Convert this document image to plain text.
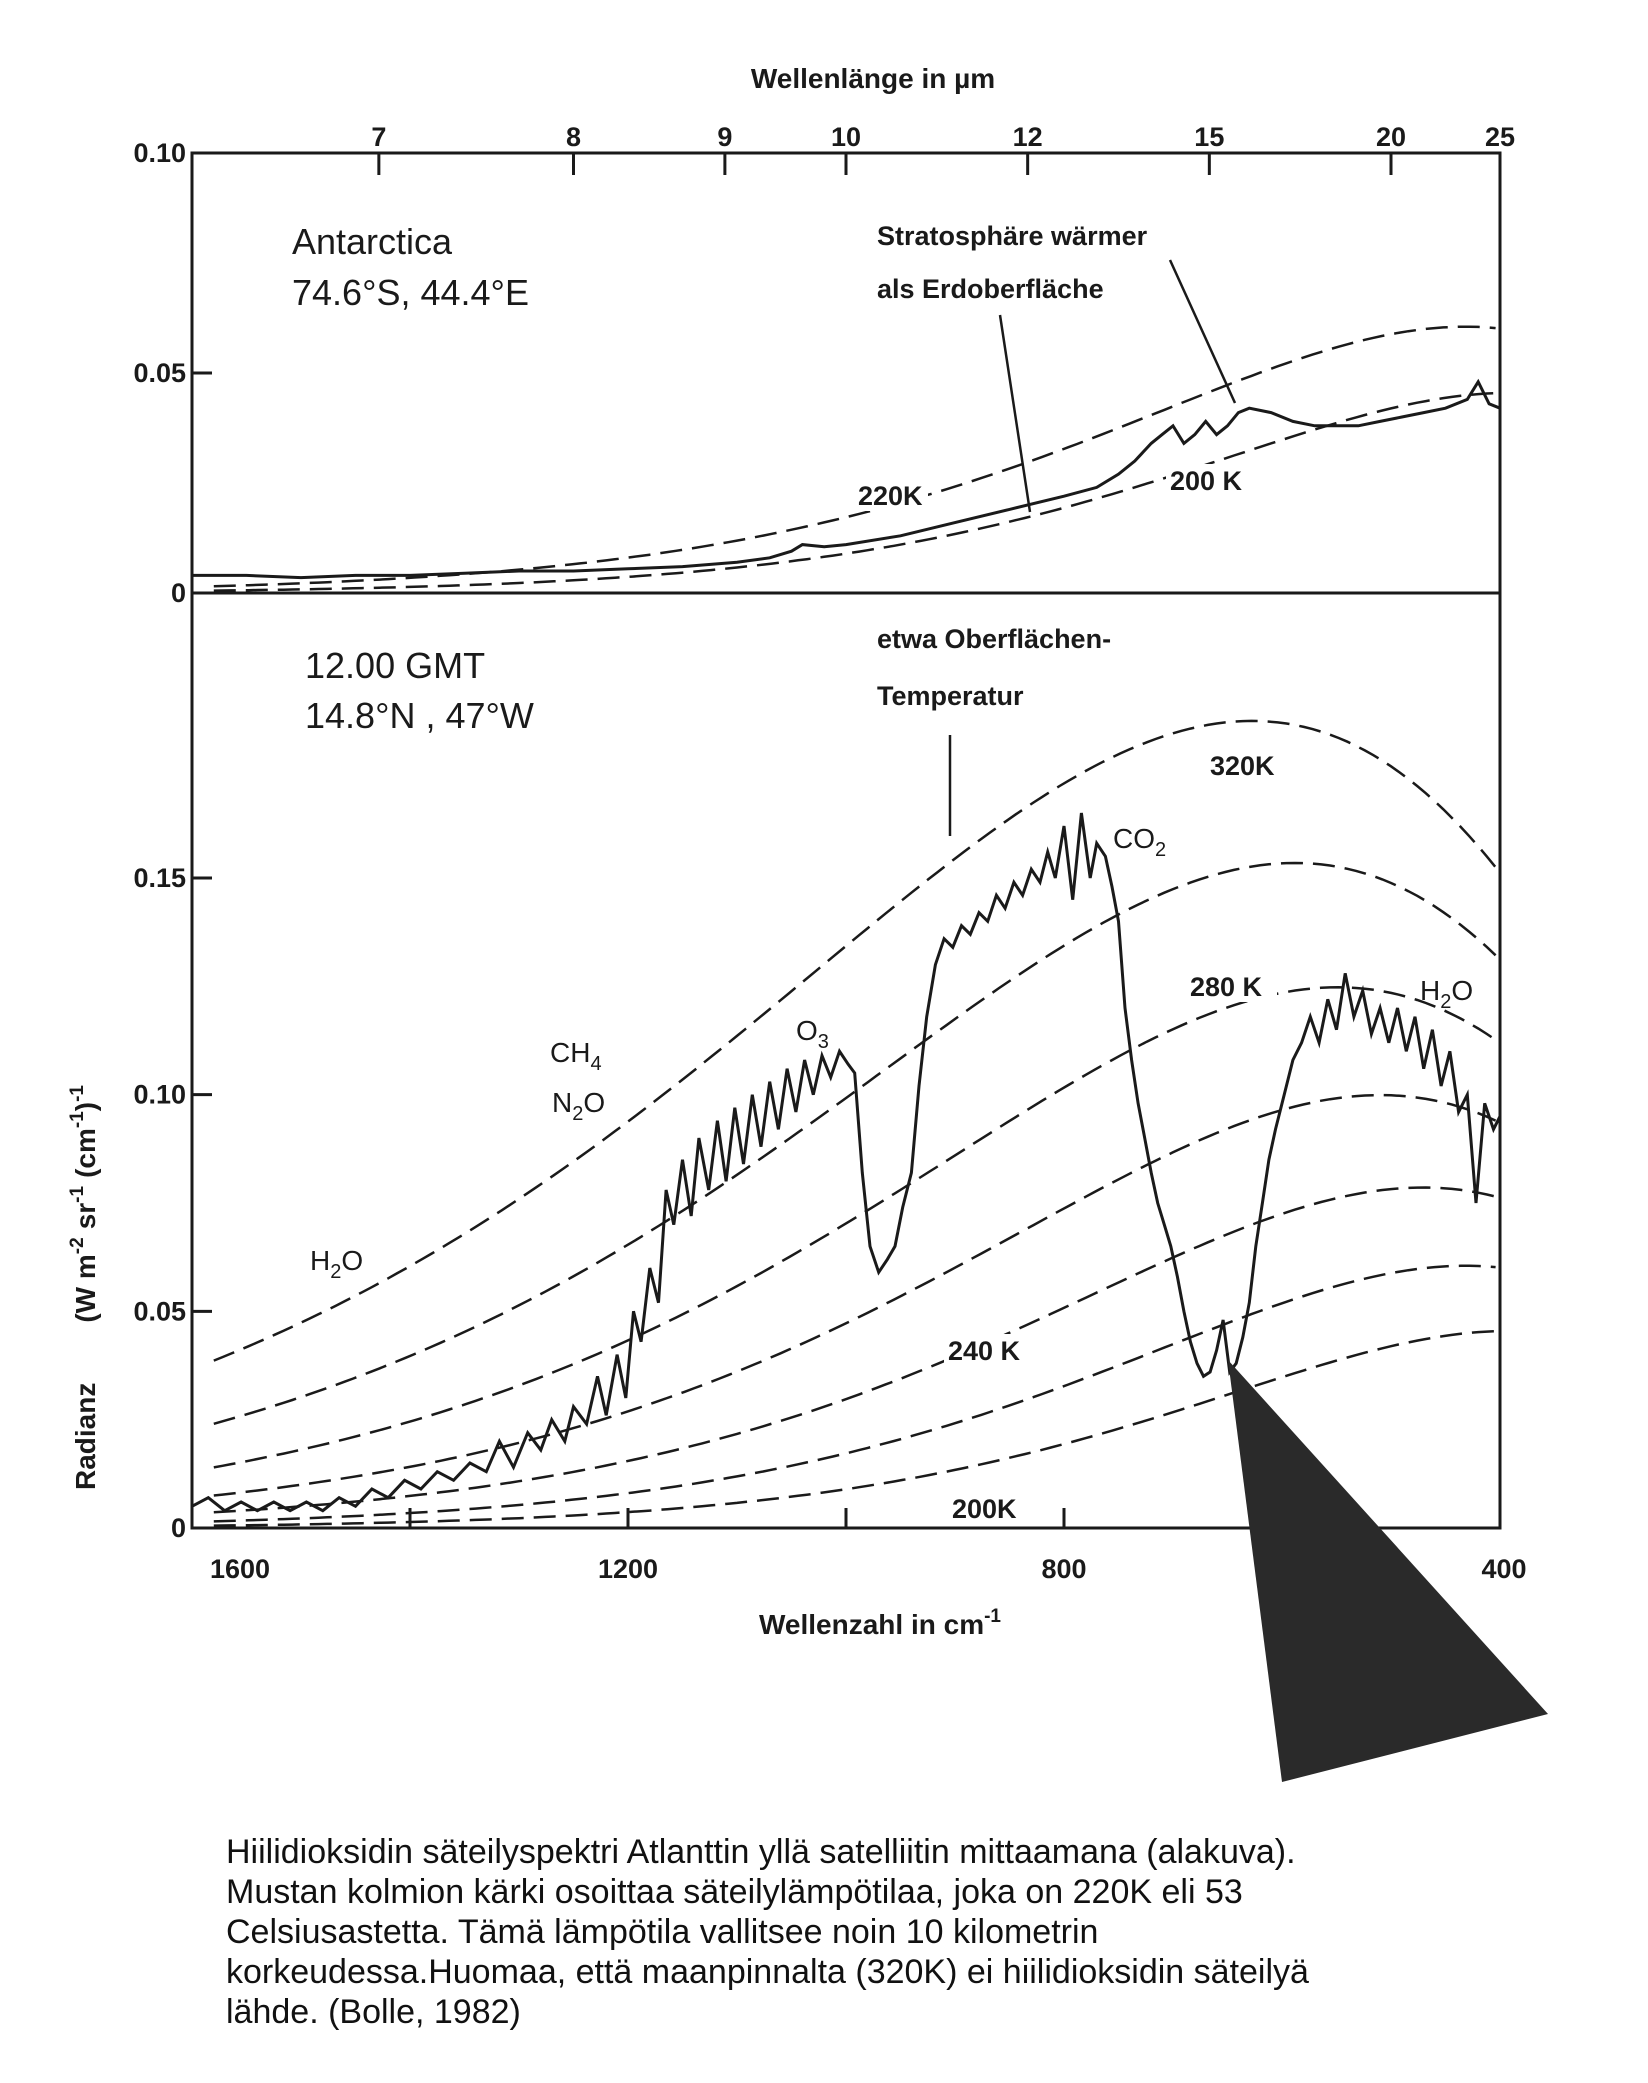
7	8	9	10	12	15	20	25
Wellenlänge in µm
0
0.05
0.10
Antarctica
74.6°S, 44.4°E
220K	200 K
Stratosphäre wärmer
als Erdoberfläche
1600	1200	800	400
Wellenzahl in $cm^{-1}$
0
0.05
0.10
0.15
Radianz(W $m^{-2}sr^{-1}(cm^{-1})^{-1}$
12.00 GMT
14.8°N , 47°W
320K
280 K
240 K
200K
etwa Oberflächen-
Temperatur
$H_2O$
$CH_4$
$N_2O$
$O_3$
$CO_2$
$H_2O$
Hiilidioksidin säteilyspektri Atlanttin yllä satelliitin mittaamana (alakuva).
Mustan kolmion kärki osoittaa säteilylämpötilaa, joka on 220K eli 53
Celsiusastetta. Tämä lämpötila vallitsee noin 10 kilometrin
korkeudessa.Huomaa, että maanpinnalta (320K) ei hiilidioksidin säteilyä
lähde. (Bolle, 1982)
